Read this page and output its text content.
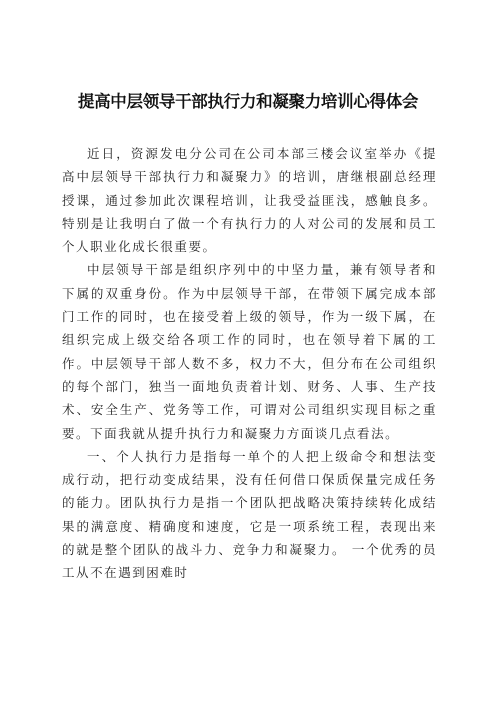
提高中层领导干部执行力和凝聚力培训心得体会

近日，资源发电分公司在公司本部三楼会议室举办《提高中层领导干部执行力和凝聚力》的培训，唐继根副总经理授课，通过参加此次课程培训，让我受益匪浅，感触良多。特别是让我明白了做一个有执行力的人对公司的发展和员工个人职业化成长很重要。

中层领导干部是组织序列中的中坚力量，兼有领导者和下属的双重身份。作为中层领导干部，在带领下属完成本部门工作的同时，也在接受着上级的领导，作为一级下属，在组织完成上级交给各项工作的同时，也在领导着下属的工作。中层领导干部人数不多，权力不大，但分布在公司组织的每个部门，独当一面地负责着计划、财务、人事、生产技术、安全生产、党务等工作，可谓对公司组织实现目标之重要。下面我就从提升执行力和凝聚力方面谈几点看法。

一、个人执行力是指每一单个的人把上级命令和想法变成行动，把行动变成结果，没有任何借口保质保量完成任务的能力。团队执行力是指一个团队把战略决策持续转化成结果的满意度、精确度和速度，它是一项系统工程，表现出来的就是整个团队的战斗力、竞争力和凝聚力。 一个优秀的员工从不在遇到困难时
